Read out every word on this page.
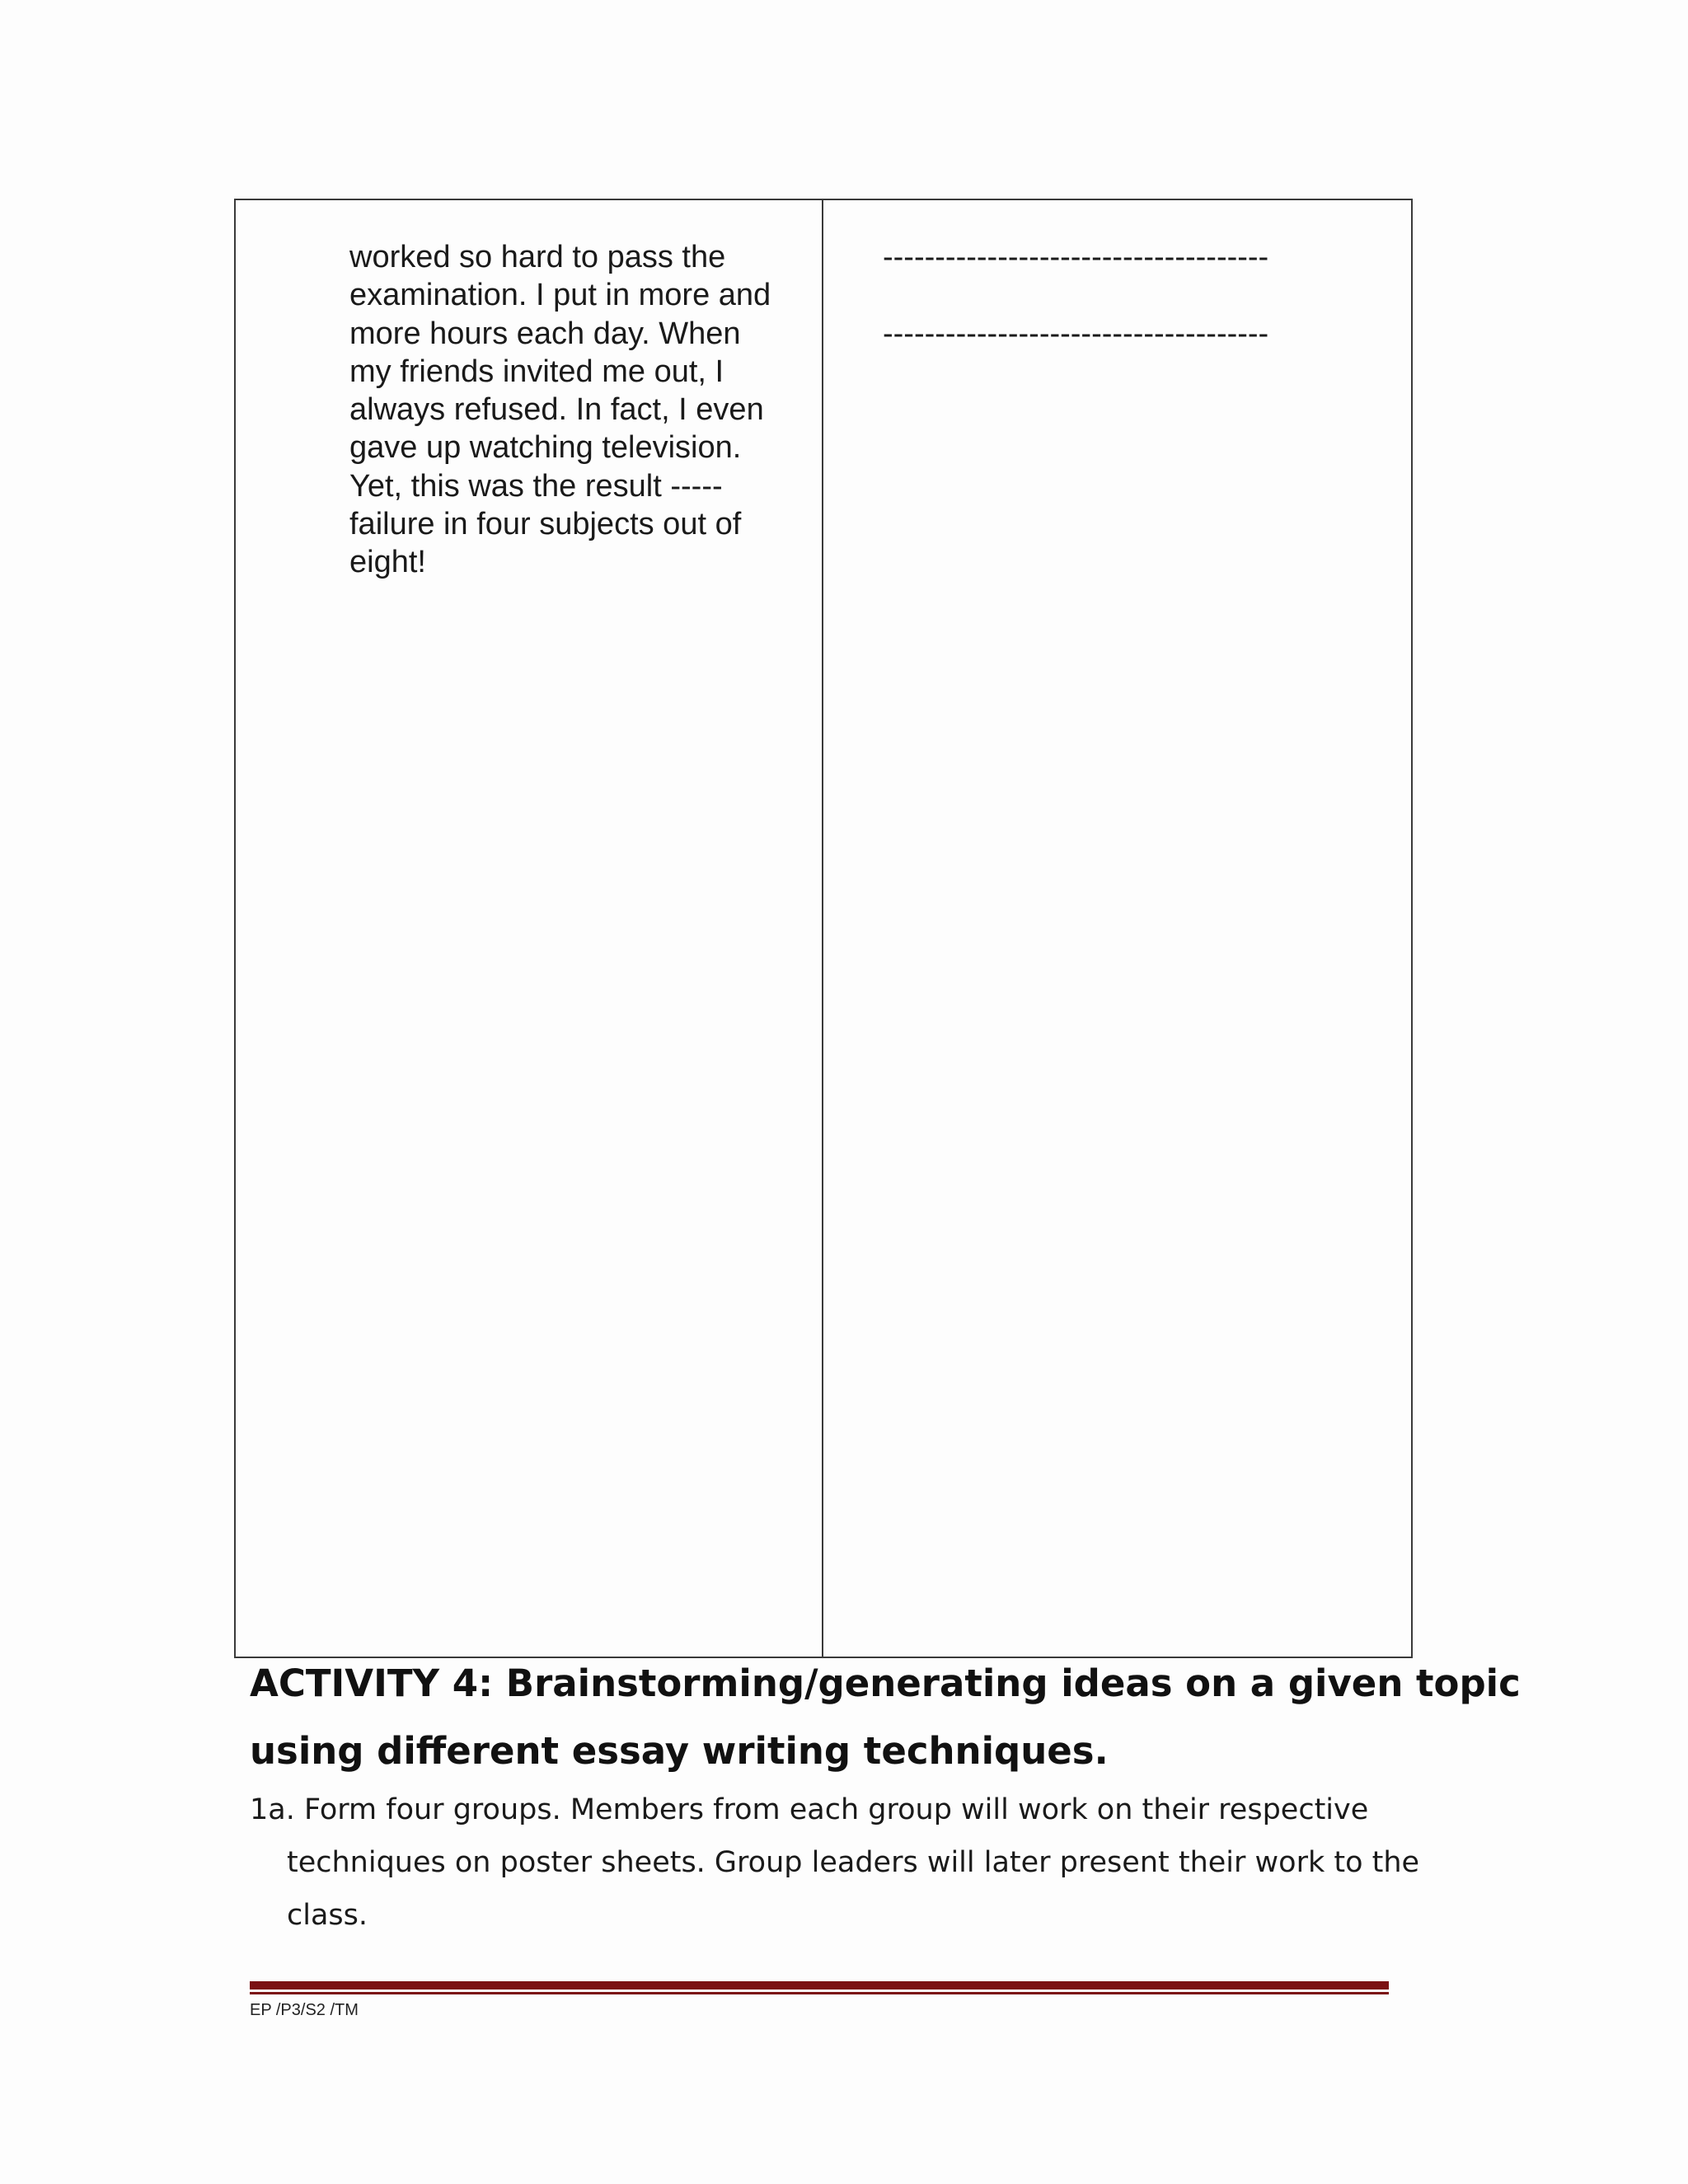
worked so hard to pass the
examination. I put in more and
more hours each day. When
my friends invited me out, I
always refused. In fact, I even
gave up watching television.
Yet, this was the result -----
failure in four subjects out of
eight!
-------------------------------------
-------------------------------------
ACTIVITY 4: Brainstorming/generating ideas on a given topic
using different essay writing techniques.
1a. Form four groups. Members from each group will work on their respective
techniques on poster sheets. Group leaders will later present their work to the
class.
EP /P3/S2 /TM
